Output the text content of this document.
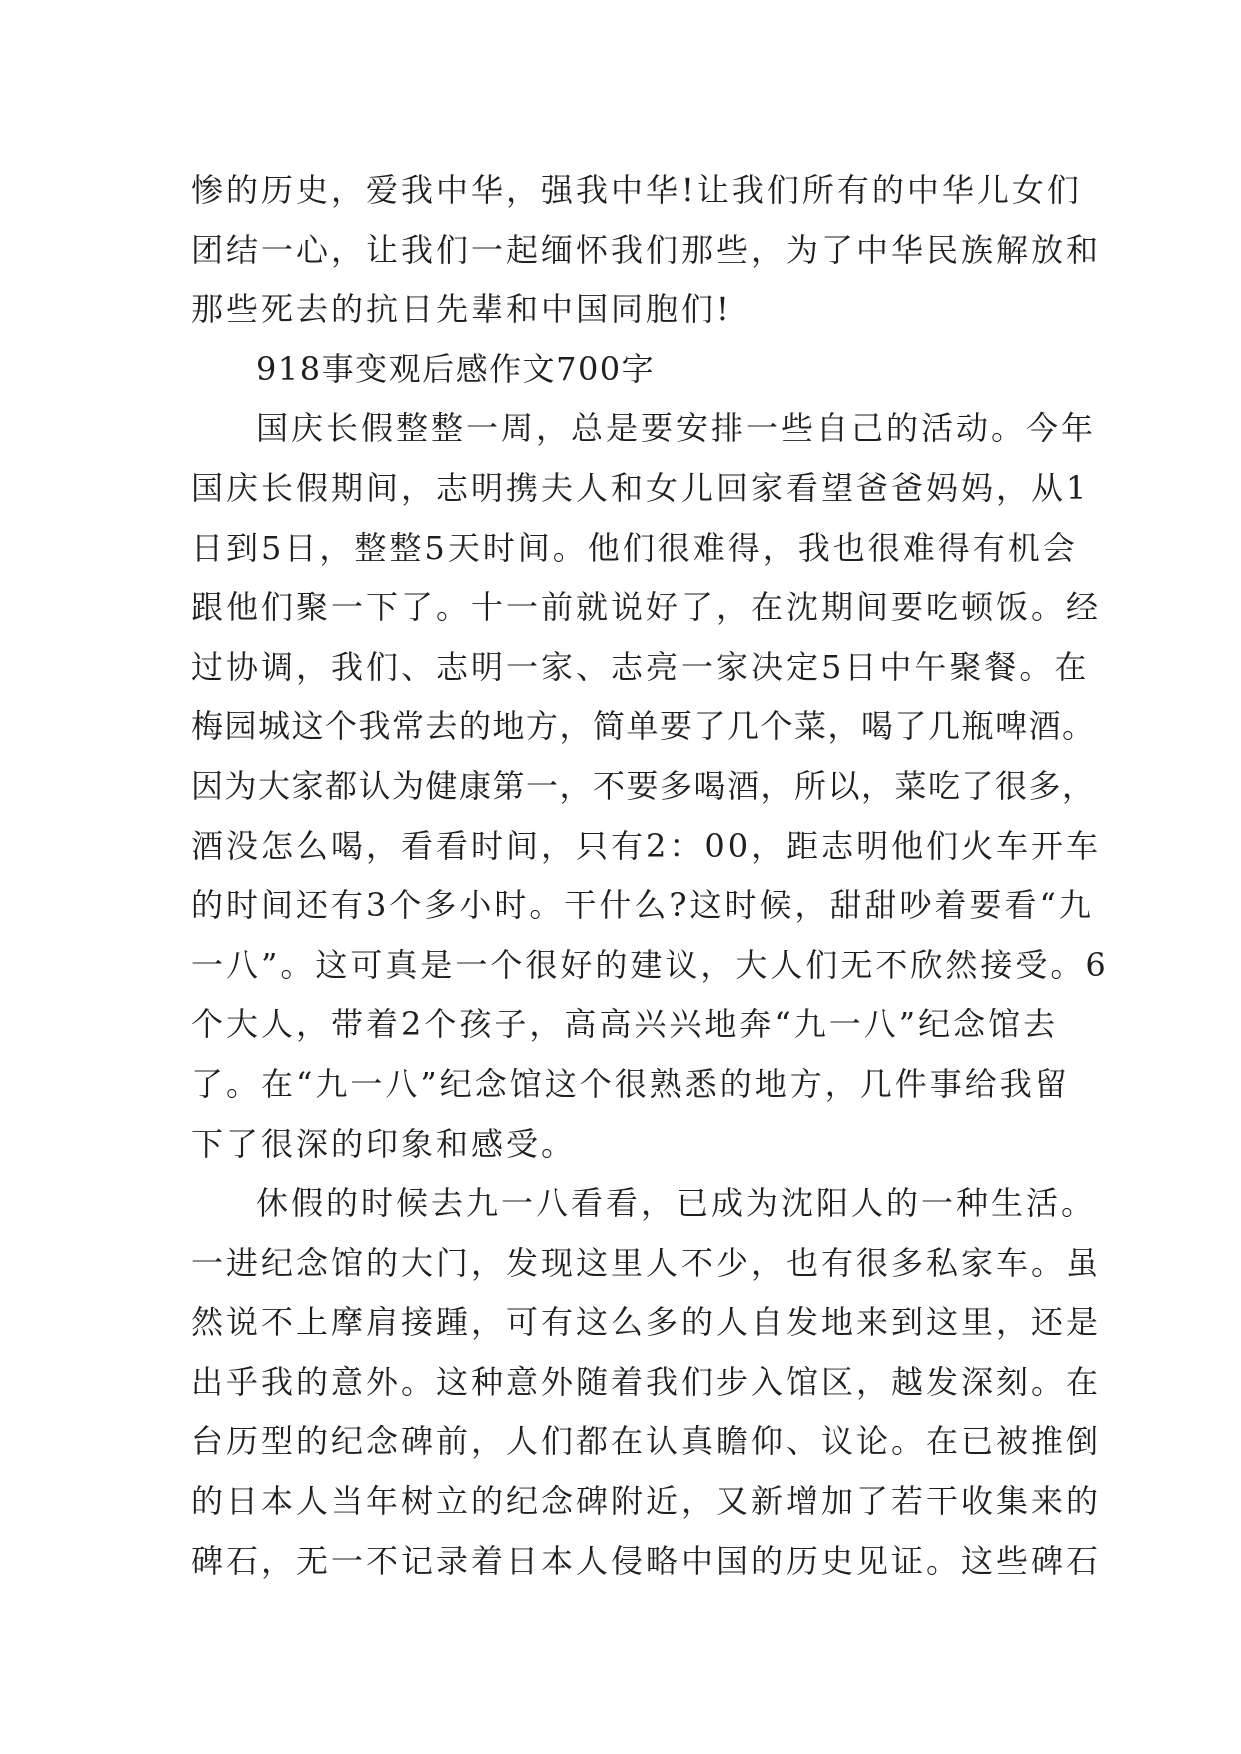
惨的历史，爱我中华，强我中华!让我们所有的中华儿女们
团结一心，让我们一起缅怀我们那些，为了中华民族解放和
那些死去的抗日先辈和中国同胞们!
918事变观后感作文700字
国庆长假整整一周，总是要安排一些自己的活动。今年
国庆长假期间，志明携夫人和女儿回家看望爸爸妈妈，从1
日到5日，整整5天时间。他们很难得，我也很难得有机会
跟他们聚一下了。十一前就说好了，在沈期间要吃顿饭。经
过协调，我们、志明一家、志亮一家决定5日中午聚餐。在
梅园城这个我常去的地方，简单要了几个菜，喝了几瓶啤酒。
因为大家都认为健康第一，不要多喝酒，所以，菜吃了很多，
酒没怎么喝，看看时间，只有2：00，距志明他们火车开车
的时间还有3个多小时。干什么?这时候，甜甜吵着要看“九
一八”。这可真是一个很好的建议，大人们无不欣然接受。6
个大人，带着2个孩子，高高兴兴地奔“九一八”纪念馆去
了。在“九一八”纪念馆这个很熟悉的地方，几件事给我留
下了很深的印象和感受。
休假的时候去九一八看看，已成为沈阳人的一种生活。
一进纪念馆的大门，发现这里人不少，也有很多私家车。虽
然说不上摩肩接踵，可有这么多的人自发地来到这里，还是
出乎我的意外。这种意外随着我们步入馆区，越发深刻。在
台历型的纪念碑前，人们都在认真瞻仰、议论。在已被推倒
的日本人当年树立的纪念碑附近，又新增加了若干收集来的
碑石，无一不记录着日本人侵略中国的历史见证。这些碑石
